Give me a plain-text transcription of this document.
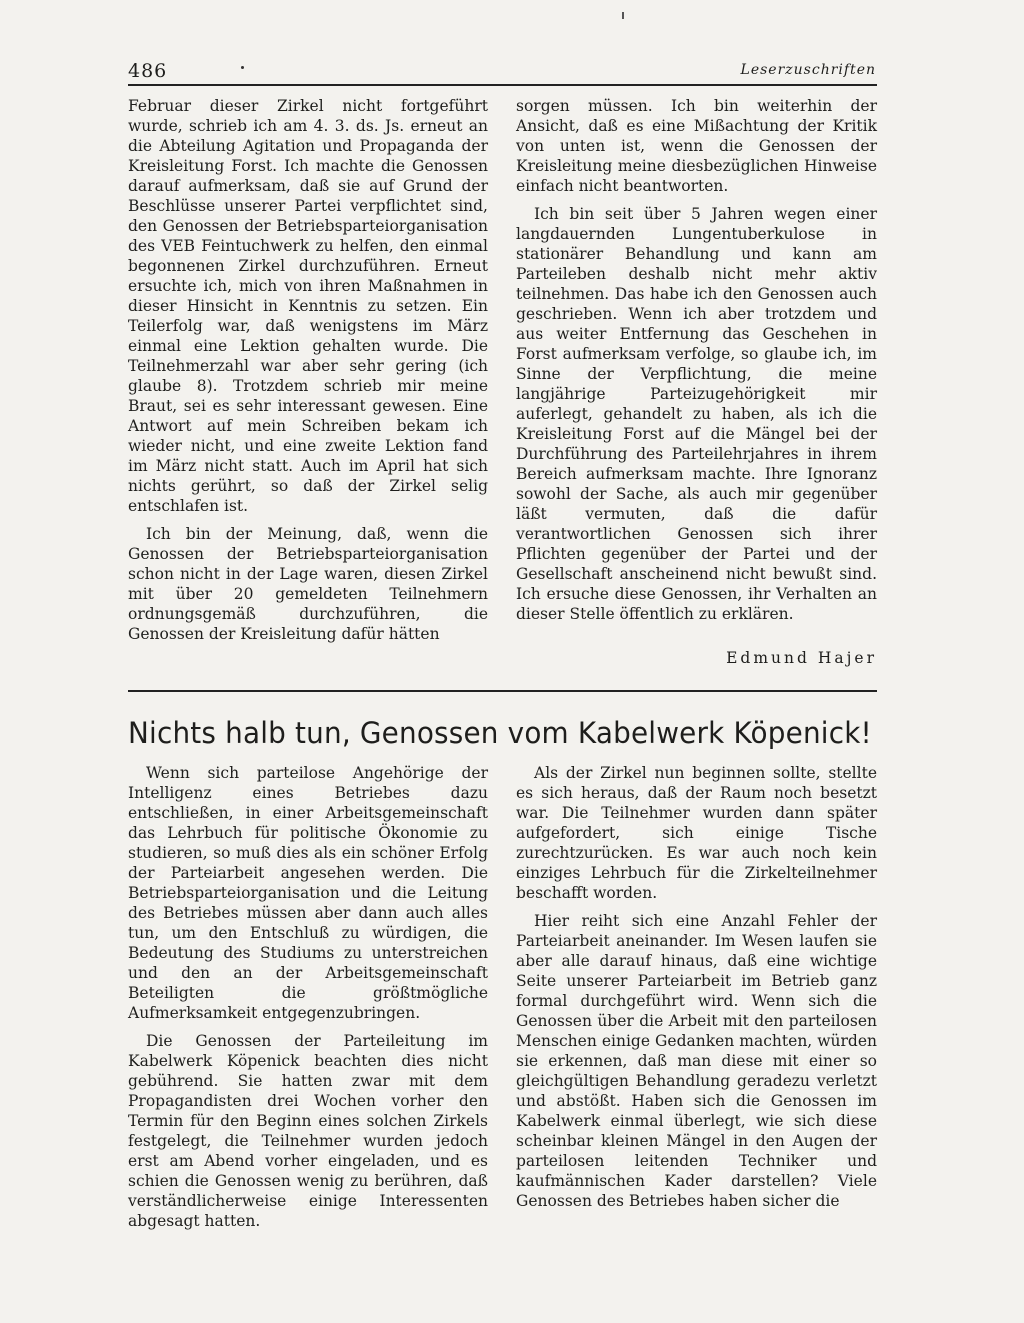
486	Leserzuschriften

Februar dieser Zirkel nicht fortgeführt wurde, schrieb ich am 4. 3. ds. Js. erneut an die Abteilung Agitation und Propaganda der Kreisleitung Forst. Ich machte die Genossen darauf aufmerksam, daß sie auf Grund der Beschlüsse unserer Partei verpflichtet sind, den Genossen der Betriebsparteiorganisation des VEB Feintuchwerk zu helfen, den einmal begonnenen Zirkel durchzuführen. Erneut ersuchte ich, mich von ihren Maßnahmen in dieser Hinsicht in Kenntnis zu setzen. Ein Teilerfolg war, daß wenigstens im März einmal eine Lektion gehalten wurde. Die Teilnehmerzahl war aber sehr gering (ich glaube 8). Trotzdem schrieb mir meine Braut, sei es sehr interessant gewesen. Eine Antwort auf mein Schreiben bekam ich wieder nicht, und eine zweite Lektion fand im März nicht statt. Auch im April hat sich nichts gerührt, so daß der Zirkel selig entschlafen ist.

Ich bin der Meinung, daß, wenn die Genossen der Betriebsparteiorganisation schon nicht in der Lage waren, diesen Zirkel mit über 20 gemeldeten Teilnehmern ordnungsgemäß durchzuführen, die Genossen der Kreisleitung dafür hätten

sorgen müssen. Ich bin weiterhin der Ansicht, daß es eine Mißachtung der Kritik von unten ist, wenn die Genossen der Kreisleitung meine diesbezüglichen Hinweise einfach nicht beantworten.

Ich bin seit über 5 Jahren wegen einer langdauernden Lungentuberkulose in stationärer Behandlung und kann am Parteileben deshalb nicht mehr aktiv teilnehmen. Das habe ich den Genossen auch geschrieben. Wenn ich aber trotzdem und aus weiter Entfernung das Geschehen in Forst aufmerksam verfolge, so glaube ich, im Sinne der Verpflichtung, die meine langjährige Parteizugehörigkeit mir auferlegt, gehandelt zu haben, als ich die Kreisleitung Forst auf die Mängel bei der Durchführung des Parteilehrjahres in ihrem Bereich aufmerksam machte. Ihre Ignoranz sowohl der Sache, als auch mir gegenüber läßt vermuten, daß die dafür verantwortlichen Genossen sich ihrer Pflichten gegenüber der Partei und der Gesellschaft anscheinend nicht bewußt sind. Ich ersuche diese Genossen, ihr Verhalten an dieser Stelle öffentlich zu erklären.

Edmund Hajer
Nichts halb tun, Genossen vom Kabelwerk Köpenick!

Wenn sich parteilose Angehörige der Intelligenz eines Betriebes dazu entschließen, in einer Arbeitsgemeinschaft das Lehrbuch für politische Ökonomie zu studieren, so muß dies als ein schöner Erfolg der Parteiarbeit angesehen werden. Die Betriebsparteiorganisation und die Leitung des Betriebes müssen aber dann auch alles tun, um den Entschluß zu würdigen, die Bedeutung des Studiums zu unterstreichen und den an der Arbeitsgemeinschaft Beteiligten die größtmögliche Aufmerksamkeit entgegenzubringen.

Die Genossen der Parteileitung im Kabelwerk Köpenick beachten dies nicht gebührend. Sie hatten zwar mit dem Propagandisten drei Wochen vorher den Termin für den Beginn eines solchen Zirkels festgelegt, die Teilnehmer wurden jedoch erst am Abend vorher eingeladen, und es schien die Genossen wenig zu berühren, daß verständlicherweise einige Interessenten abgesagt hatten.

Als der Zirkel nun beginnen sollte, stellte es sich heraus, daß der Raum noch besetzt war. Die Teilnehmer wurden dann später aufgefordert, sich einige Tische zurechtzurücken. Es war auch noch kein einziges Lehrbuch für die Zirkelteilnehmer beschafft worden.

Hier reiht sich eine Anzahl Fehler der Parteiarbeit aneinander. Im Wesen laufen sie aber alle darauf hinaus, daß eine wichtige Seite unserer Parteiarbeit im Betrieb ganz formal durchgeführt wird. Wenn sich die Genossen über die Arbeit mit den parteilosen Menschen einige Gedanken machten, würden sie erkennen, daß man diese mit einer so gleichgültigen Behandlung geradezu verletzt und abstößt. Haben sich die Genossen im Kabelwerk einmal überlegt, wie sich diese scheinbar kleinen Mängel in den Augen der parteilosen leitenden Techniker und kaufmännischen Kader darstellen? Viele Genossen des Betriebes haben sicher die
